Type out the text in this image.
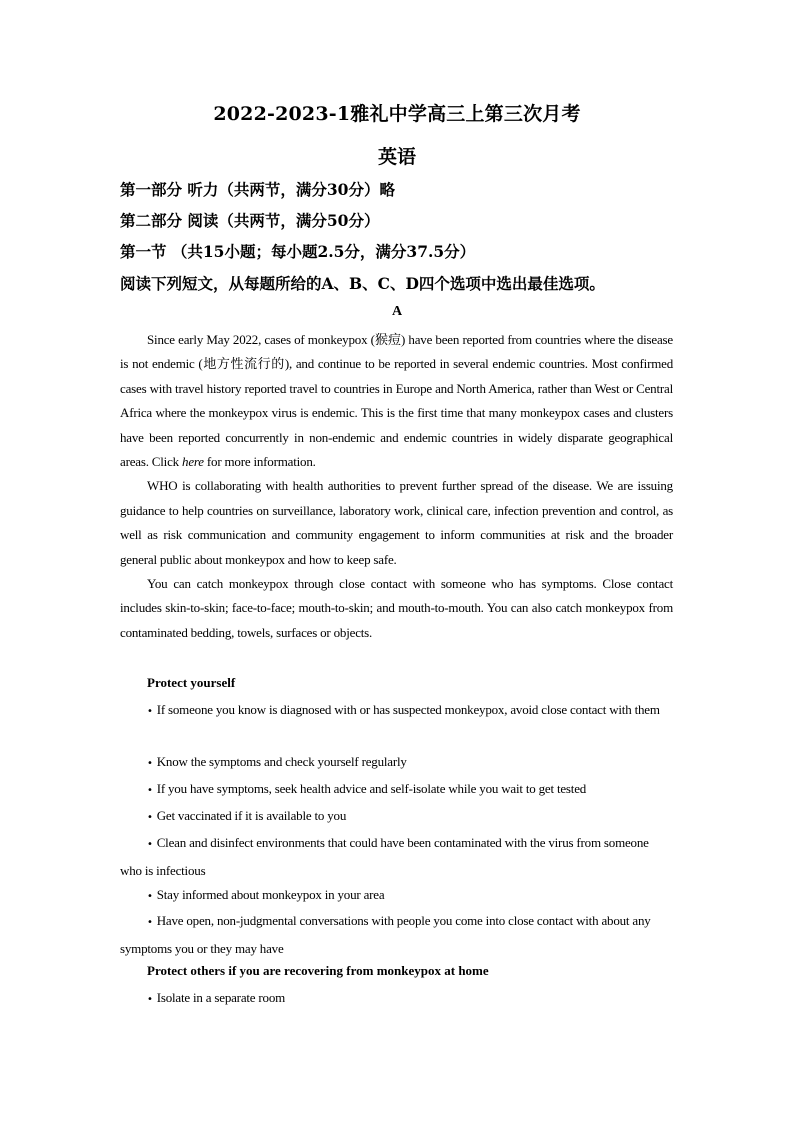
2022-2023-1雅礼中学高三上第三次月考
英语
第一部分 听力（共两节，满分30分）略
第二部分 阅读（共两节，满分50分）
第一节 （共15小题；每小题2.5分，满分37.5分）
阅读下列短文，从每题所给的A、B、C、D四个选项中选出最佳选项。
A

Since early May 2022, cases of monkeypox (猴痘) have been reported from countries where the disease is not endemic (地方性流行的), and continue to be reported in several endemic countries. Most confirmed cases with travel history reported travel to countries in Europe and North America, rather than West or Central Africa where the monkeypox virus is endemic. This is the first time that many monkeypox cases and clusters have been reported concurrently in non-endemic and endemic countries in widely disparate geographical areas. Click here for more information.

WHO is collaborating with health authorities to prevent further spread of the disease. We are issuing guidance to help countries on surveillance, laboratory work, clinical care, infection prevention and control, as well as risk communication and community engagement to inform communities at risk and the broader general public about monkeypox and how to keep safe.

You can catch monkeypox through close contact with someone who has symptoms. Close contact includes skin-to-skin; face-to-face; mouth-to-skin; and mouth-to-mouth. You can also catch monkeypox from contaminated bedding, towels, surfaces or objects.

Protect yourself
• If someone you know is diagnosed with or has suspected monkeypox, avoid close contact with them
• Know the symptoms and check yourself regularly
• If you have symptoms, seek health advice and self-isolate while you wait to get tested
• Get vaccinated if it is available to you
• Clean and disinfect environments that could have been contaminated with the virus from someone who is infectious
• Stay informed about monkeypox in your area
• Have open, non-judgmental conversations with people you come into close contact with about any symptoms you or they may have
Protect others if you are recovering from monkeypox at home
• Isolate in a separate room
